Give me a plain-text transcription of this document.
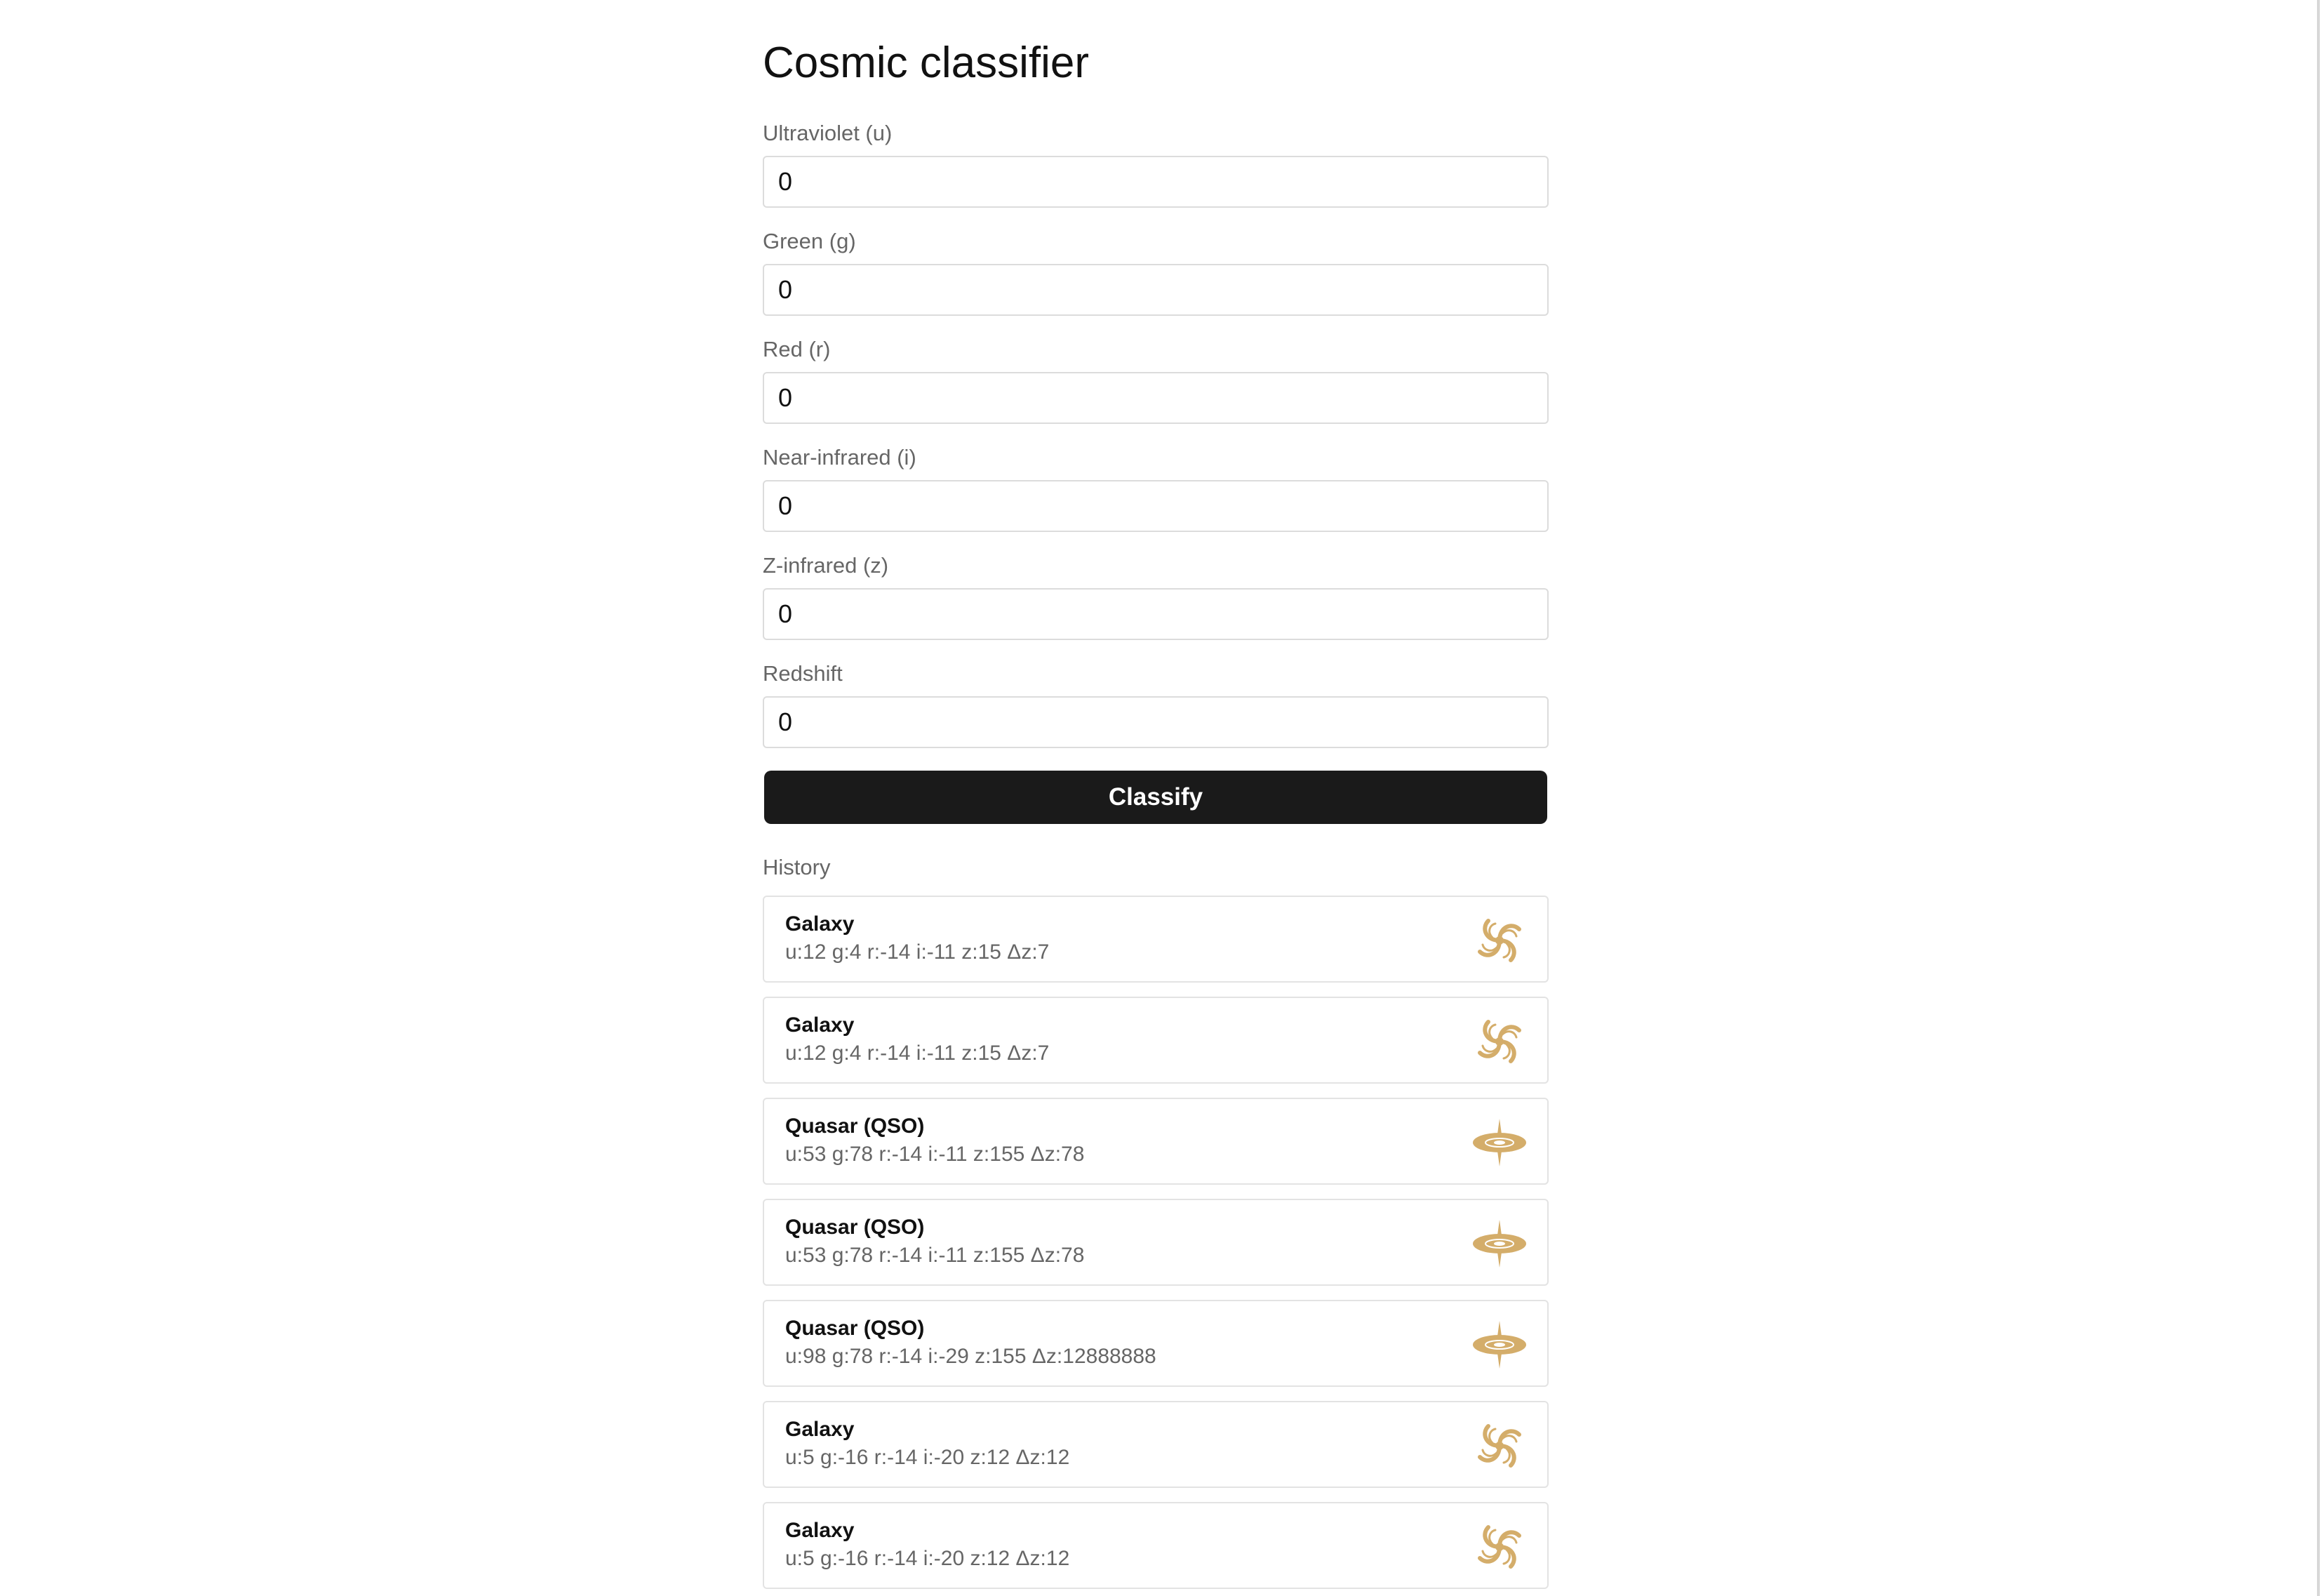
Cosmic classifier
Ultraviolet (u)
0
Green (g)
0
Red (r)
0
Near-infrared (i)
0
Z-infrared (z)
0
Redshift
0
Classify
History
Galaxy
u:12 g:4 r:-14 i:-11 z:15 Δz:7
Galaxy
u:12 g:4 r:-14 i:-11 z:15 Δz:7
Quasar (QSO)
u:53 g:78 r:-14 i:-11 z:155 Δz:78
Quasar (QSO)
u:53 g:78 r:-14 i:-11 z:155 Δz:78
Quasar (QSO)
u:98 g:78 r:-14 i:-29 z:155 Δz:12888888
Galaxy
u:5 g:-16 r:-14 i:-20 z:12 Δz:12
Galaxy
u:5 g:-16 r:-14 i:-20 z:12 Δz:12
